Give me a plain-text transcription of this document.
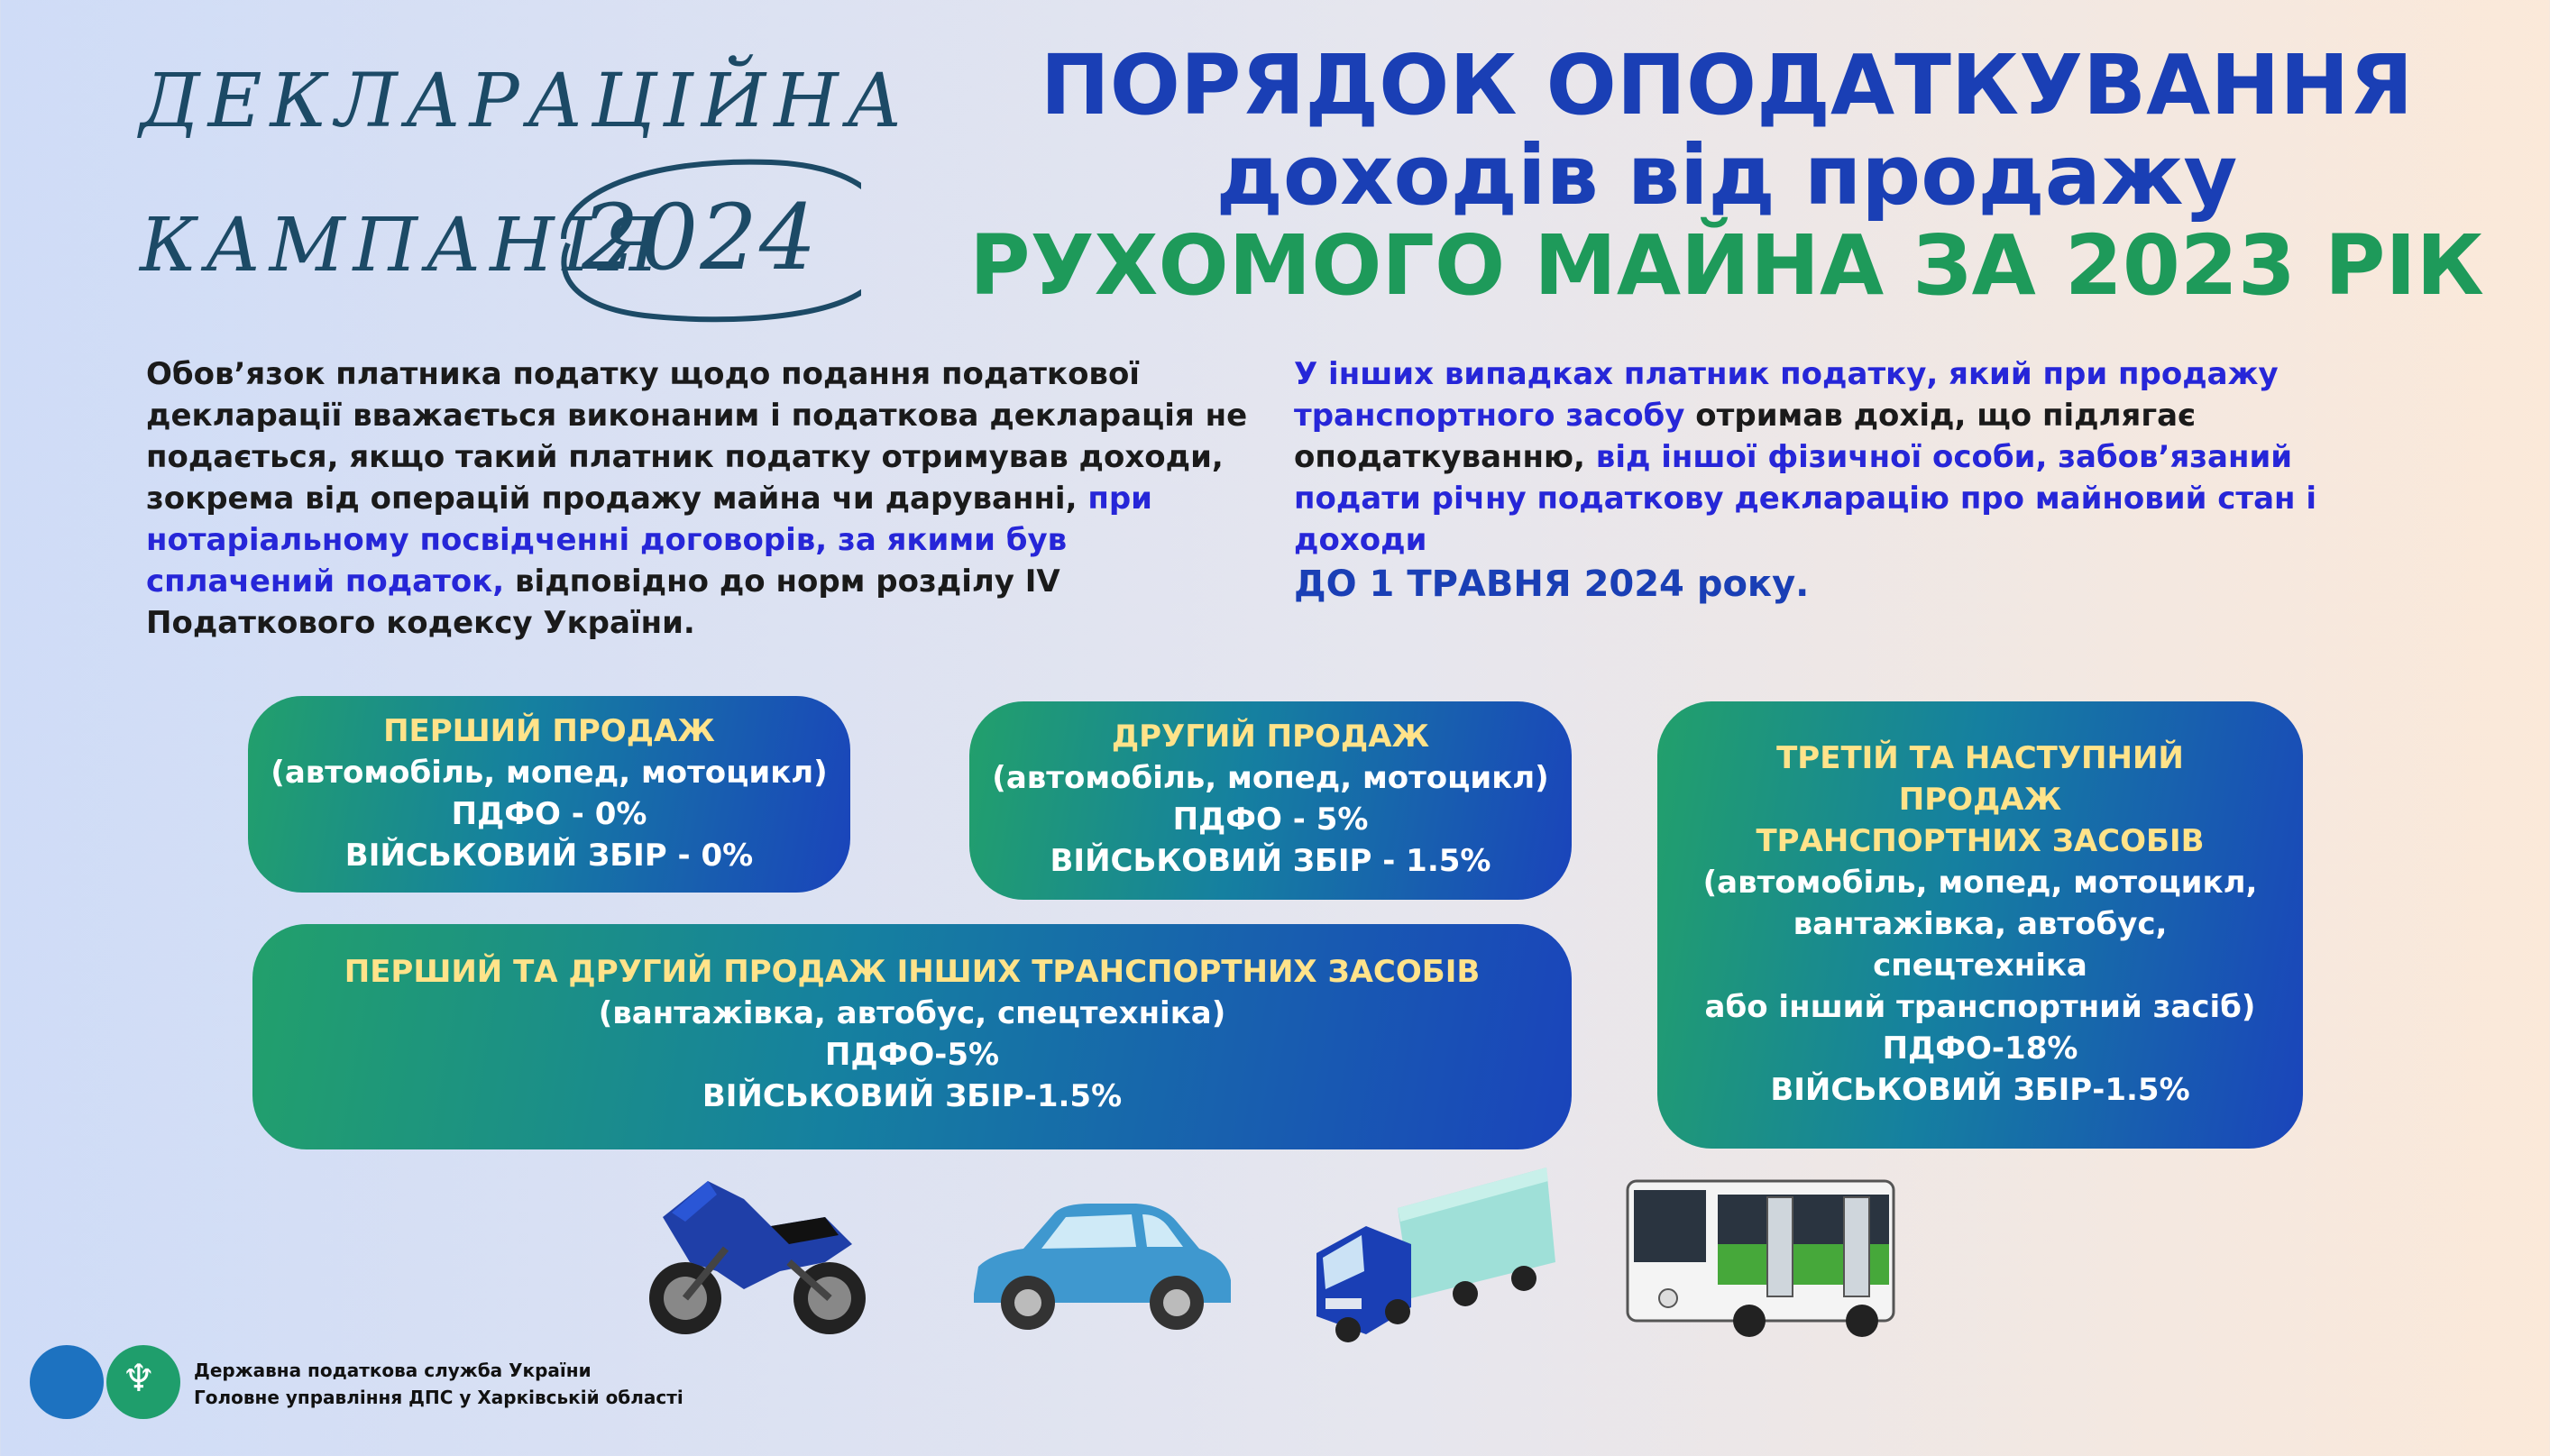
ДЕКЛАРАЦІЙНА
КАМПАНІЯ
2024
ПОРЯДОК ОПОДАТКУВАННЯ
доходів від продажу
РУХОМОГО МАЙНА ЗА 2023 РІК
Обов’язок платника податку щодо подання податкової декларації вважається виконаним і податкова декларація не подається, якщо такий платник податку отримував доходи, зокрема від операцій продажу майна чи даруванні, при нотаріальному посвідченні договорів, за якими був сплачений податок, відповідно до норм розділу IV Податкового кодексу України.
У інших випадках платник податку, який при продажу транспортного засобу отримав дохід, що підлягає оподаткуванню, від іншої фізичної особи, забов’язаний подати річну податкову декларацію про майновий стан і доходи
ДО 1 ТРАВНЯ 2024 року.
ПЕРШИЙ ПРОДАЖ
(автомобіль, мопед, мотоцикл)
ПДФО - 0%
ВІЙСЬКОВИЙ ЗБІР - 0%
ДРУГИЙ ПРОДАЖ
(автомобіль, мопед, мотоцикл)
ПДФО - 5%
ВІЙСЬКОВИЙ ЗБІР - 1.5%
ТРЕТІЙ ТА НАСТУПНИЙ
ПРОДАЖ
ТРАНСПОРТНИХ ЗАСОБІВ
(автомобіль, мопед, мотоцикл,
вантажівка, автобус,
спецтехніка
або інший транспортний засіб)
ПДФО-18%
ВІЙСЬКОВИЙ ЗБІР-1.5%
ПЕРШИЙ ТА ДРУГИЙ ПРОДАЖ ІНШИХ ТРАНСПОРТНИХ ЗАСОБІВ
(вантажівка, автобус, спецтехніка)
ПДФО-5%
ВІЙСЬКОВИЙ ЗБІР-1.5%
♆ Державна податкова служба України
Головне управління ДПС у Харківській області
